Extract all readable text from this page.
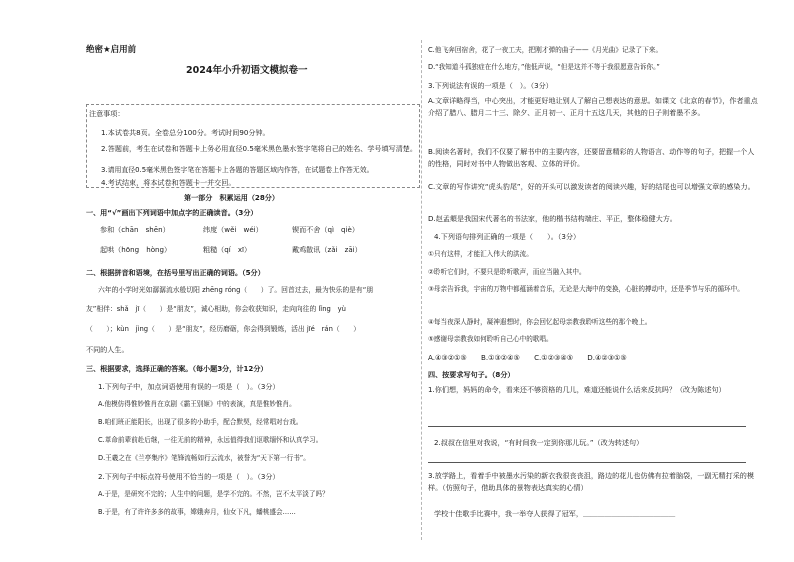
绝密★启用前
2024年小升初语文模拟卷一
注意事项：
1.本试卷共8页。全卷总分100分。考试时间90分钟。
2.答题前，考生在试卷和答题卡上务必用直径0.5毫米黑色墨水签字笔将自己的姓名、学号填写清楚。
3.请用直径0.5毫米黑色签字笔在答题卡上各题的答题区域内作答，在试题卷上作答无效。
4.考试结束，将本试卷和答题卡一并交回。
第一部分　积累运用（28分）
一、用“√”画出下列词语中加点字的正确读音。（3分）
参和（chān　shēn）	纬度（wěi　wéi）	锲而不舍（qì　qiè）
起哄（hōng　hòng）	粗糙（qí　xī）	戴鸡散讯（zǎi　zāi）
二、根据拼音和语境，在括号里写出正确的词语。（5分）
六年的小学时光如潺潺流水般切阳 zhēng róng（　　）了。回首过去，最为快乐的是有“朋
友”相伴：shǎ　jī（　　）是“朋友”，诚心相助，你会收获知识，走向向往的 lǐng　yù
（　　）；kùn　jìng（　　）是“朋友”，经历磨砺，你会得到锻炼，活出 jīé　rán（　　）
不同的人生。
三、根据要求，选择正确的答案。（每小题3分，计12分）
1.下列句子中，加点词语使用有误的一项是（　）。（3分）
A.他模仿得惟妙惟肖在京剧《霸王别姬》中的表演，真是惟妙惟肖。
B.咱们班正能阳长，出现了很多的小助手，配合默契，经常唱对台戏。
C.革命前辈前赴后继，一往无前的精神，永远值得我们讴歌缅怀和认真学习。
D.王羲之在《兰亭集序》笔锋流畅如行云流水，被誉为“天下第一行书”。
2.下列句子中标点符号使用不恰当的一项是（　）。（3分）
A.于是，是研究不完的；人生中的问题，是学不完的。不然，岂不太平淡了吗？
B.于是，有了许许多多的故事，嫦娥奔月，仙女下凡，蟠桃盛会……
C.他飞奔回宿舍，花了一夜工夫，把刚才弹的曲子——《月光曲》记录了下来。
D.“我知道斗孤独症在什么地方，”他低声说，“但是这并不等于我很愿意告诉你。”
3.下列说法有误的一项是（　）。（3分）
A.文章详略得当，中心突出，才能更好地让别人了解自己想表达的意思。如课文《北京的春节》，作者重点介绍了腊八、腊月二十三、除夕、正月初一、正月十五这几天，其他的日子则着墨不多。
B.阅读名著时，我们不仅要了解书中的主要内容，还要留意精彩的人物语言、动作等的句子，把握一个人的性格，同时对书中人物做出客观、立体的评价。
C.文章的写作讲究“虎头豹尾”，好的开头可以激发读者的阅读兴趣，好的结尾也可以增强文章的感染力。
D.赵孟頫是我国宋代著名的书法家，他的楷书结构端庄、平正，整体稳健大方。
4.下列语句排列正确的一项是（　　）。（3分）
①只有这样，才能汇入伟大的洪流。
②聆听它们时，不要只是聆听歌声，而应当融入其中。
③母亲告诉我，宇宙的万物中都蕴涵着音乐，无论是大海中的变换，心脏的搏动中，还是季节与乐的循环中。
④每当夜深人静时，凝神遐想时，你会回忆起母亲教我聆听这些的那个晚上。
⑤感谢母亲教我如何聆听自己心中的歌唱。
A.④③②①⑤　　B.①③②④⑤　　C.①②③④⑤　　D.④②③①⑤
四、按要求写句子。（8分）
1.你们想，妈妈的命令，看来还不够资格的几儿，难道还能说什么话来反抗吗？（改为陈述句）
2.叔叔在信里对我说，“有时间我一定到你那儿玩。”（改为转述句）
3.放学路上，看着手中被墨水污染的新衣我很丧丧沮，路边的花儿也仿佛有拉着脑袋，一副无精打采的模样。（仿照句子，借助具体的景物表达真实的心情）
学校十佳歌手比赛中，我一举夺人获得了冠军，＿＿＿＿＿＿＿＿＿＿＿＿＿
